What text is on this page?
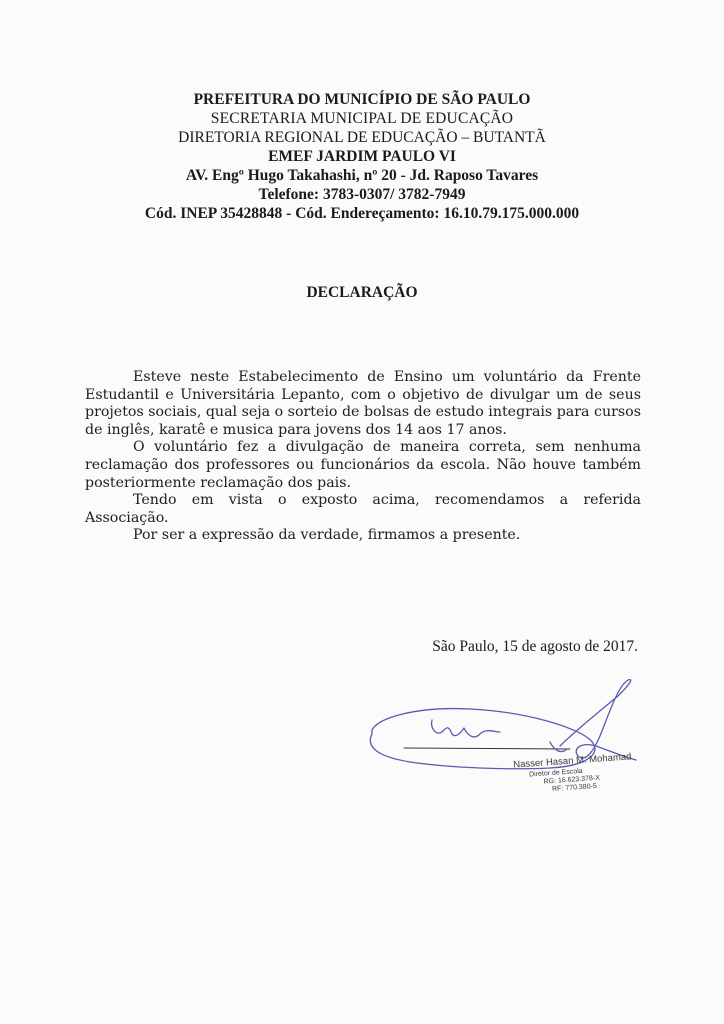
PREFEITURA DO MUNICÍPIO DE SÃO PAULO
SECRETARIA MUNICIPAL DE EDUCAÇÃO
DIRETORIA REGIONAL DE EDUCAÇÃO – BUTANTÃ
EMEF JARDIM PAULO VI
AV. Engº Hugo Takahashi, nº 20 - Jd. Raposo Tavares
Telefone: 3783-0307/ 3782-7949
Cód. INEP 35428848 - Cód. Endereçamento: 16.10.79.175.000.000
DECLARAÇÃO

Esteve neste Estabelecimento de Ensino um voluntário da Frente Estudantil e Universitária Lepanto, com o objetivo de divulgar um de seus projetos sociais, qual seja o sorteio de bolsas de estudo integrais para cursos de inglês, karatê e musica para jovens dos 14 aos 17 anos.

O voluntário fez a divulgação de maneira correta, sem nenhuma reclamação dos professores ou funcionários da escola. Não houve também posteriormente reclamação dos pais.

Tendo em vista o exposto acima, recomendamos a referida Associação.

Por ser a expressão da verdade, firmamos a presente.

São Paulo, 15 de agosto de 2017.
Nasser Hasan M. Mohamad
Diretor de Escola
RG: 16.623.378-X
RF: 770.380-5
